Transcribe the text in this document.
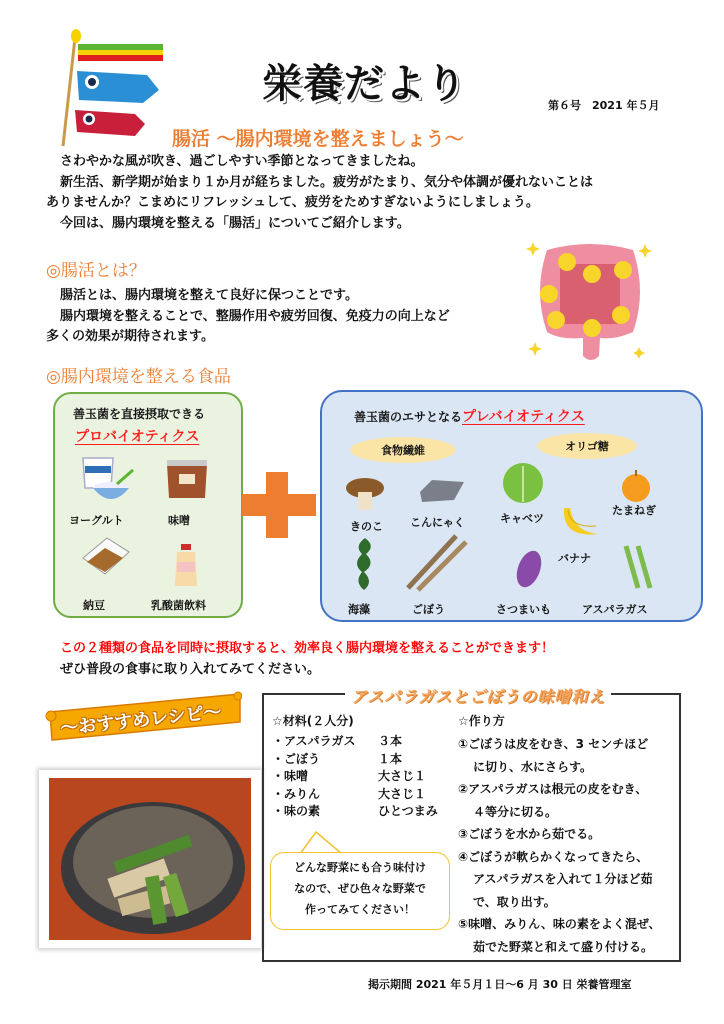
栄養だより	第６号　2021 年５月
腸活 ～腸内環境を整えましょう～
さわやかな風が吹き、過ごしやすい季節となってきましたね。
新生活、新学期が始まり１か月が経ちました。疲労がたまり、気分や体調が優れないことは
ありませんか？こまめにリフレッシュして、疲労をためすぎないようにしましょう。
今回は、腸内環境を整える「腸活」についてご紹介します。
◎腸活とは？
腸活とは、腸内環境を整えて良好に保つことです。
腸内環境を整えることで、整腸作用や疲労回復、免疫力の向上など
多くの効果が期待されます。
◎腸内環境を整える食品
善玉菌を直接摂取できる
プロバイオティクス
ヨーグルト	味噌
納豆	乳酸菌飲料
善玉菌のエサとなるプレバイオティクス
食物繊維	オリゴ糖
きのこ こんにゃく	キャベツ
たまねぎ
バナナ
海藻	ごぼう	さつまいも	アスパラガス
この２種類の食品を同時に摂取すると、効率良く腸内環境を整えることができます！
ぜひ普段の食事に取り入れてみてください。
～おすすめレシピ～
アスパラガスとごぼうの味噌和え
☆材料(２人分)
・アスパラガス	３本
・ごぼう	１本
・味噌	大さじ１
・みりん	大さじ１
・味の素	ひとつまみ
☆作り方
①ごぼうは皮をむき、3 センチほど
に切り、水にさらす。
②アスパラガスは根元の皮をむき、
４等分に切る。
③ごぼうを水から茹でる。
④ごぼうが軟らかくなってきたら、
アスパラガスを入れて１分ほど茹
で、取り出す。
⑤味噌、みりん、味の素をよく混ぜ、
茹でた野菜と和えて盛り付ける。
どんな野菜にも合う味付け
なので、ぜひ色々な野菜で
作ってみてください！
掲示期間 2021 年５月１日～6 月 30 日 栄養管理室
